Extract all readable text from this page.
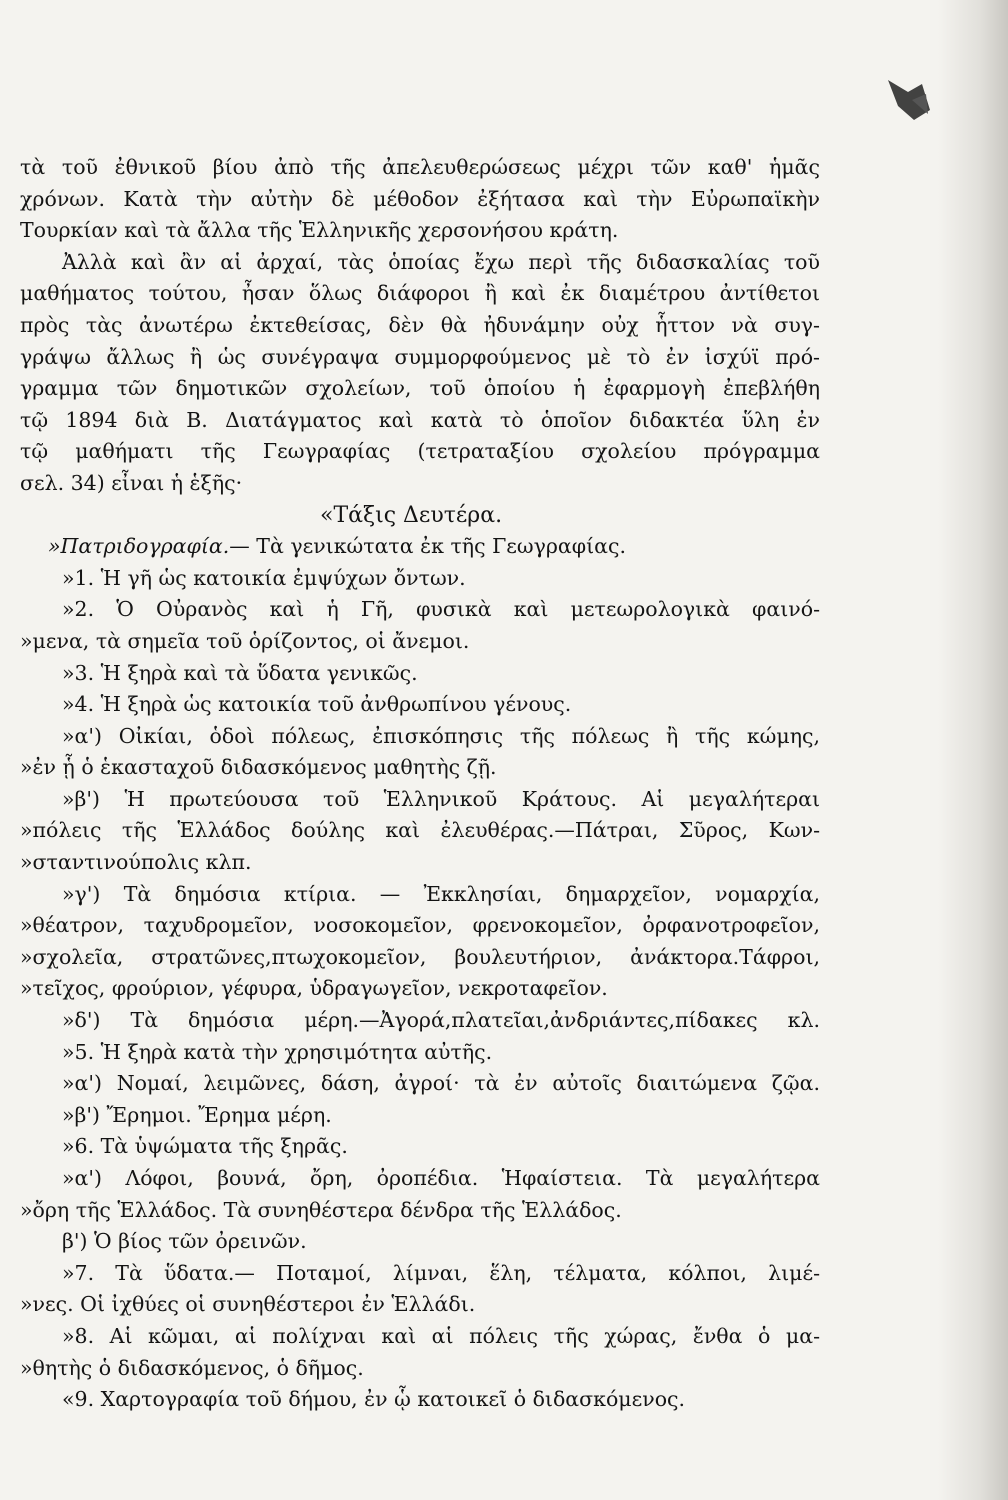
τὰ τοῦ ἐθνικοῦ βίου ἀπὸ τῆς ἀπελευθερώσεως μέχρι τῶν καθ' ἡμᾶς
χρόνων. Κατὰ τὴν αὐτὴν δὲ μέθοδον ἐξήτασα καὶ τὴν Εὐρωπαϊκὴν
Τουρκίαν καὶ τὰ ἄλλα τῆς Ἑλληνικῆς χερσονήσου κράτη.
Ἀλλὰ καὶ ἂν αἱ ἀρχαί, τὰς ὁποίας ἔχω περὶ τῆς διδασκαλίας τοῦ
μαθήματος τούτου, ἦσαν ὅλως διάφοροι ἢ καὶ ἐκ διαμέτρου ἀντίθετοι
πρὸς τὰς ἀνωτέρω ἐκτεθείσας, δὲν θὰ ἠδυνάμην οὐχ ἧττον νὰ συγ-
γράψω ἄλλως ἢ ὡς συνέγραψα συμμορφούμενος μὲ τὸ ἐν ἰσχύϊ πρό-
γραμμα τῶν δημοτικῶν σχολείων, τοῦ ὁποίου ἡ ἐφαρμογὴ ἐπεβλήθη
τῷ 1894 διὰ Β. Διατάγματος καὶ κατὰ τὸ ὁποῖον διδακτέα ὕλη ἐν
τῷ μαθήματι τῆς Γεωγραφίας (τετραταξίου σχολείου πρόγραμμα
σελ. 34) εἶναι ἡ ἑξῆς·
«Τάξις Δευτέρα.
»Πατριδογραφία.— Τὰ γενικώτατα ἐκ τῆς Γεωγραφίας.
»1. Ἡ γῆ ὡς κατοικία ἐμψύχων ὄντων.
»2. Ὁ Οὐρανὸς καὶ ἡ Γῆ, φυσικὰ καὶ μετεωρολογικὰ φαινό-
»μενα, τὰ σημεῖα τοῦ ὁρίζοντος, οἱ ἄνεμοι.
»3. Ἡ ξηρὰ καὶ τὰ ὕδατα γενικῶς.
»4. Ἡ ξηρὰ ὡς κατοικία τοῦ ἀνθρωπίνου γένους.
»α') Οἰκίαι, ὁδοὶ πόλεως, ἐπισκόπησις τῆς πόλεως ἢ τῆς κώμης,
»ἐν ᾗ ὁ ἑκασταχοῦ διδασκόμενος μαθητὴς ζῇ.
»β') Ἡ πρωτεύουσα τοῦ Ἑλληνικοῦ Κράτους. Αἱ μεγαλήτεραι
»πόλεις τῆς Ἑλλάδος δούλης καὶ ἐλευθέρας.—Πάτραι, Σῦρος, Κων-
»σταντινούπολις κλπ.
»γ') Τὰ δημόσια κτίρια. — Ἐκκλησίαι, δημαρχεῖον, νομαρχία,
»θέατρον, ταχυδρομεῖον, νοσοκομεῖον, φρενοκομεῖον, ὀρφανοτροφεῖον,
»σχολεῖα, στρατῶνες,πτωχοκομεῖον, βουλευτήριον, ἀνάκτορα.Τάφροι,
»τεῖχος, φρούριον, γέφυρα, ὑδραγωγεῖον, νεκροταφεῖον.
»δ') Τὰ δημόσια μέρη.—Ἀγορά,πλατεῖαι,ἀνδριάντες,πίδακες κλ.
»5. Ἡ ξηρὰ κατὰ τὴν χρησιμότητα αὐτῆς.
»α') Νομαί, λειμῶνες, δάση, ἀγροί· τὰ ἐν αὐτοῖς διαιτώμενα ζῷα.
»β') Ἔρημοι. Ἔρημα μέρη.
»6. Τὰ ὑψώματα τῆς ξηρᾶς.
»α') Λόφοι, βουνά, ὄρη, ὀροπέδια. Ἡφαίστεια. Τὰ μεγαλήτερα
»ὄρη τῆς Ἑλλάδος. Τὰ συνηθέστερα δένδρα τῆς Ἑλλάδος.
β') Ὁ βίος τῶν ὀρεινῶν.
»7. Τὰ ὕδατα.— Ποταμοί, λίμναι, ἕλη, τέλματα, κόλποι, λιμέ-
»νες. Οἱ ἰχθύες οἱ συνηθέστεροι ἐν Ἑλλάδι.
»8. Αἱ κῶμαι, αἱ πολίχναι καὶ αἱ πόλεις τῆς χώρας, ἔνθα ὁ μα-
»θητὴς ὁ διδασκόμενος, ὁ δῆμος.
«9. Χαρτογραφία τοῦ δήμου, ἐν ᾧ κατοικεῖ ὁ διδασκόμενος.
